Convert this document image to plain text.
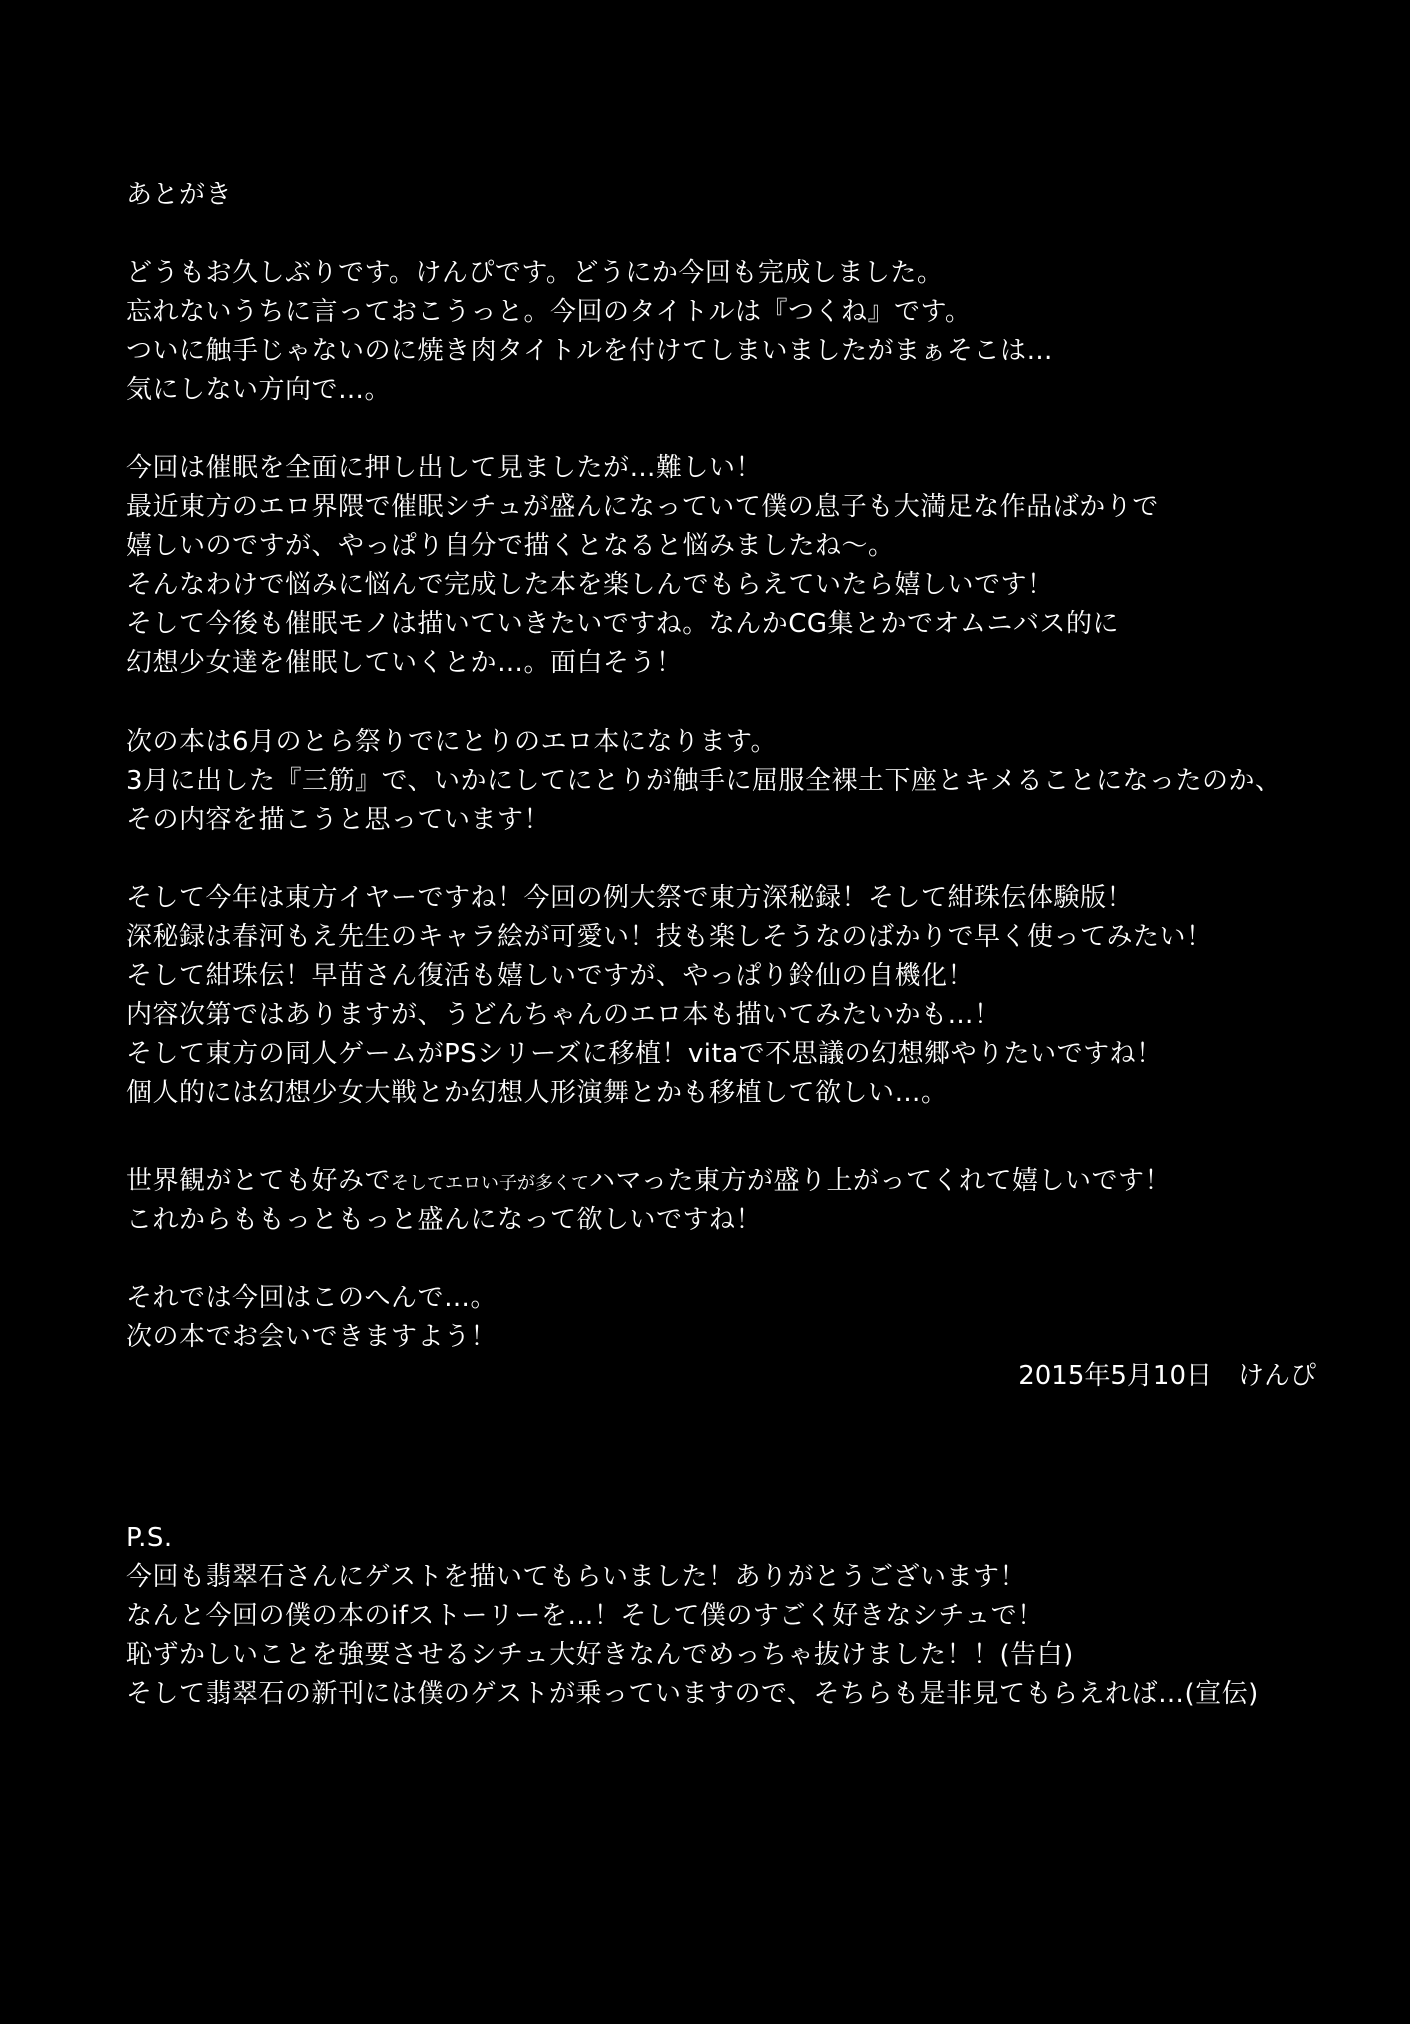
あとがき
どうもお久しぶりです。けんぴです。どうにか今回も完成しました。
忘れないうちに言っておこうっと。今回のタイトルは『つくね』です。
ついに触手じゃないのに焼き肉タイトルを付けてしまいましたがまぁそこは…
気にしない方向で…。
今回は催眠を全面に押し出して見ましたが…難しい！
最近東方のエロ界隈で催眠シチュが盛んになっていて僕の息子も大満足な作品ばかりで
嬉しいのですが、やっぱり自分で描くとなると悩みましたね〜。
そんなわけで悩みに悩んで完成した本を楽しんでもらえていたら嬉しいです！
そして今後も催眠モノは描いていきたいですね。なんかCG集とかでオムニバス的に
幻想少女達を催眠していくとか…。面白そう！
次の本は6月のとら祭りでにとりのエロ本になります。
3月に出した『三筋』で、いかにしてにとりが触手に屈服全裸土下座とキメることになったのか、
その内容を描こうと思っています！
そして今年は東方イヤーですね！今回の例大祭で東方深秘録！そして紺珠伝体験版！
深秘録は春河もえ先生のキャラ絵が可愛い！技も楽しそうなのばかりで早く使ってみたい！
そして紺珠伝！早苗さん復活も嬉しいですが、やっぱり鈴仙の自機化！
内容次第ではありますが、うどんちゃんのエロ本も描いてみたいかも…！
そして東方の同人ゲームがPSシリーズに移植！vitaで不思議の幻想郷やりたいですね！
個人的には幻想少女大戦とか幻想人形演舞とかも移植して欲しい…。
世界観がとても好みでそしてエロい子が多くてハマった東方が盛り上がってくれて嬉しいです！
これからももっともっと盛んになって欲しいですね！
それでは今回はこのへんで…。
次の本でお会いできますよう！
2015年5月10日　けんぴ
P.S.
今回も翡翠石さんにゲストを描いてもらいました！ありがとうございます！
なんと今回の僕の本のifストーリーを…！そして僕のすごく好きなシチュで！
恥ずかしいことを強要させるシチュ大好きなんでめっちゃ抜けました！！(告白)
そして翡翠石の新刊には僕のゲストが乗っていますので、そちらも是非見てもらえれば…(宣伝)
